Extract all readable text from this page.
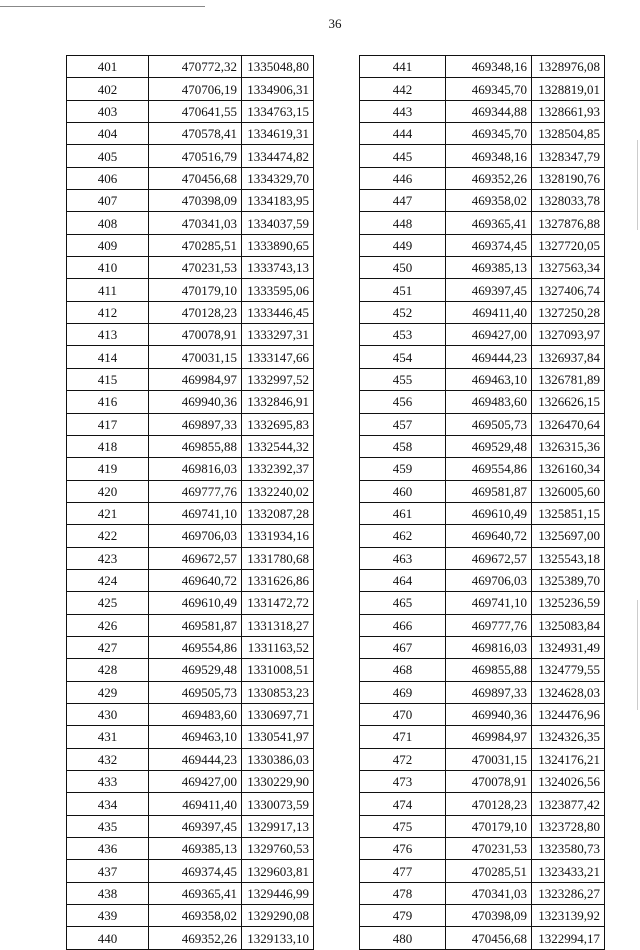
36
401	470772,32	1335048,80
402	470706,19	1334906,31
403	470641,55	1334763,15
404	470578,41	1334619,31
405	470516,79	1334474,82
406	470456,68	1334329,70
407	470398,09	1334183,95
408	470341,03	1334037,59
409	470285,51	1333890,65
410	470231,53	1333743,13
411	470179,10	1333595,06
412	470128,23	1333446,45
413	470078,91	1333297,31
414	470031,15	1333147,66
415	469984,97	1332997,52
416	469940,36	1332846,91
417	469897,33	1332695,83
418	469855,88	1332544,32
419	469816,03	1332392,37
420	469777,76	1332240,02
421	469741,10	1332087,28
422	469706,03	1331934,16
423	469672,57	1331780,68
424	469640,72	1331626,86
425	469610,49	1331472,72
426	469581,87	1331318,27
427	469554,86	1331163,52
428	469529,48	1331008,51
429	469505,73	1330853,23
430	469483,60	1330697,71
431	469463,10	1330541,97
432	469444,23	1330386,03
433	469427,00	1330229,90
434	469411,40	1330073,59
435	469397,45	1329917,13
436	469385,13	1329760,53
437	469374,45	1329603,81
438	469365,41	1329446,99
439	469358,02	1329290,08
440	469352,26	1329133,10
441	469348,16	1328976,08
442	469345,70	1328819,01
443	469344,88	1328661,93
444	469345,70	1328504,85
445	469348,16	1328347,79
446	469352,26	1328190,76
447	469358,02	1328033,78
448	469365,41	1327876,88
449	469374,45	1327720,05
450	469385,13	1327563,34
451	469397,45	1327406,74
452	469411,40	1327250,28
453	469427,00	1327093,97
454	469444,23	1326937,84
455	469463,10	1326781,89
456	469483,60	1326626,15
457	469505,73	1326470,64
458	469529,48	1326315,36
459	469554,86	1326160,34
460	469581,87	1326005,60
461	469610,49	1325851,15
462	469640,72	1325697,00
463	469672,57	1325543,18
464	469706,03	1325389,70
465	469741,10	1325236,59
466	469777,76	1325083,84
467	469816,03	1324931,49
468	469855,88	1324779,55
469	469897,33	1324628,03
470	469940,36	1324476,96
471	469984,97	1324326,35
472	470031,15	1324176,21
473	470078,91	1324026,56
474	470128,23	1323877,42
475	470179,10	1323728,80
476	470231,53	1323580,73
477	470285,51	1323433,21
478	470341,03	1323286,27
479	470398,09	1323139,92
480	470456,68	1322994,17
